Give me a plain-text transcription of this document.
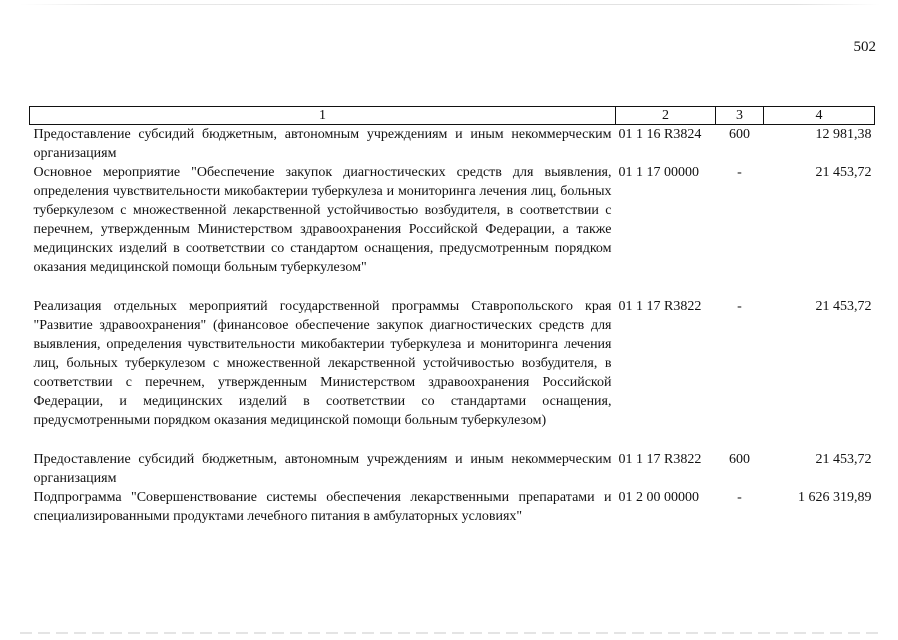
502
1	2	3	4
Предоставление субсидий бюджетным, автономным учреждениям и иным некоммерческим организациям	01 1 16 R3824	600	12 981,38
Основное мероприятие "Обеспечение закупок диагностических средств для выявления, определения чувствительности микобактерии туберкулеза и мониторинга лечения лиц, больных туберкулезом с множественной лекарственной устойчивостью возбудителя, в соответствии с перечнем, утвержденным Министерством здравоохранения Российской Федерации, а также медицинских изделий в соответствии со стандартом оснащения, предусмотренным порядком оказания медицинской помощи больным туберкулезом"	01 1 17 00000	-	21 453,72

Реализация отдельных мероприятий государственной программы Ставропольского края "Развитие здравоохранения" (финансовое обеспечение закупок диагностических средств для выявления, определения чувствительности микобактерии туберкулеза и мониторинга лечения лиц, больных туберкулезом с множественной лекарственной устойчивостью возбудителя, в соответствии с перечнем, утвержденным Министерством здравоохранения Российской Федерации, и медицинских изделий в соответствии со стандартами оснащения, предусмотренными порядком оказания медицинской помощи больным туберкулезом)	01 1 17 R3822	-	21 453,72

Предоставление субсидий бюджетным, автономным учреждениям и иным некоммерческим организациям	01 1 17 R3822	600	21 453,72
Подпрограмма "Совершенствование системы обеспечения лекарственными препаратами и специализированными продуктами лечебного питания в амбулаторных условиях"	01 2 00 00000	-	1 626 319,89
